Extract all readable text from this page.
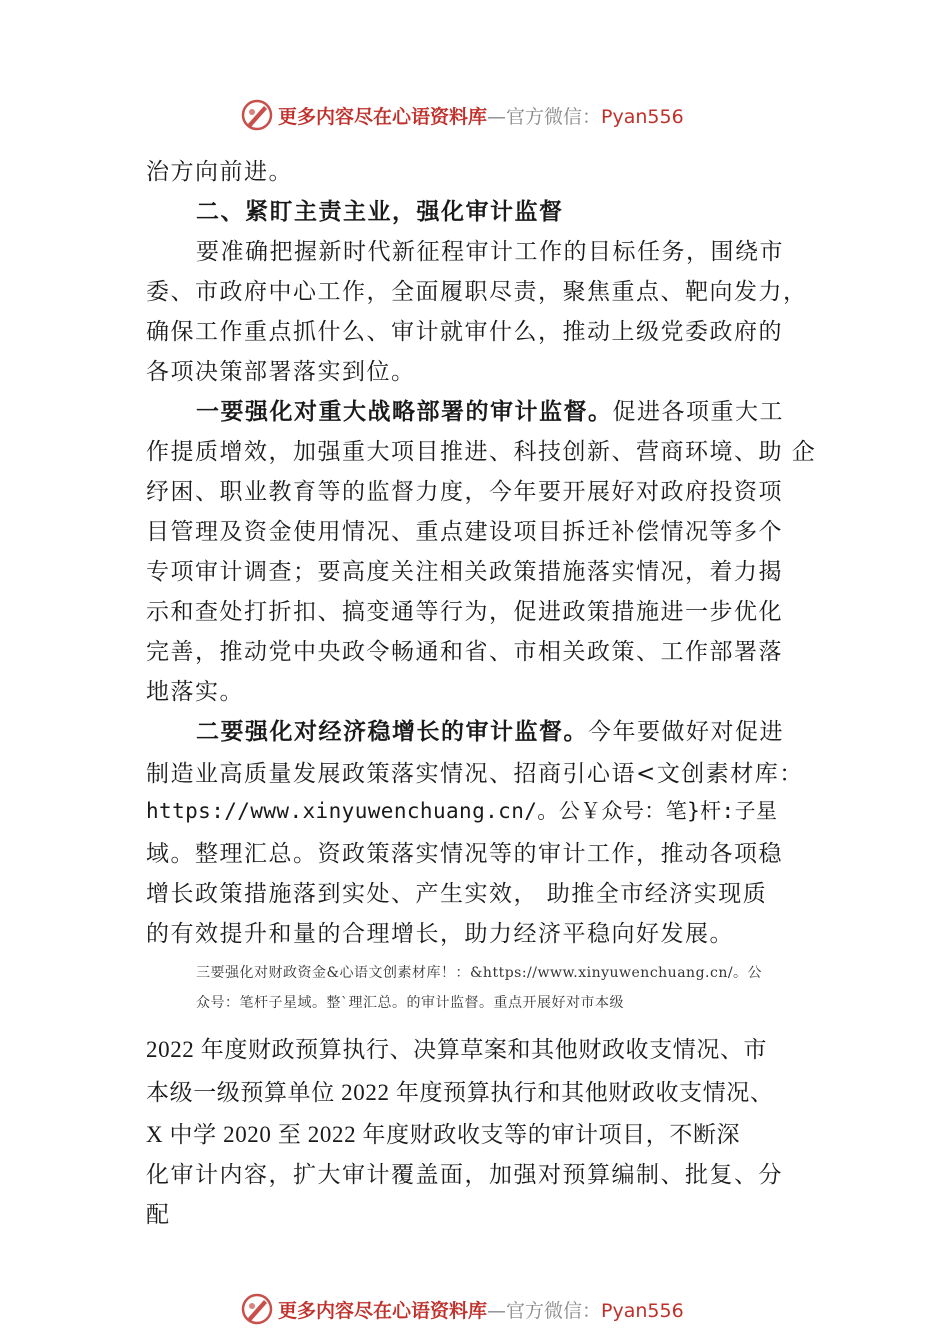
更多内容尽在心语资料库—官方微信：Pyan556
治方向前进。
二、紧盯主责主业，强化审计监督
要准确把握新时代新征程审计工作的目标任务，围绕市
委、市政府中心工作，全面履职尽责，聚焦重点、靶向发力，
确保工作重点抓什么、审计就审什么，推动上级党委政府的
各项决策部署落实到位。
一要强化对重大战略部署的审计监督。促进各项重大工
作提质增效，加强重大项目推进、科技创新、营商环境、助 企
纾困、职业教育等的监督力度，今年要开展好对政府投资项
目管理及资金使用情况、重点建设项目拆迁补偿情况等多个
专项审计调查；要高度关注相关政策措施落实情况，着力揭
示和查处打折扣、搞变通等行为，促进政策措施进一步优化
完善，推动党中央政令畅通和省、市相关政策、工作部署落
地落实。
二要强化对经济稳增长的审计监督。今年要做好对促进
制造业高质量发展政策落实情况、招商引心语<文创素材库：
https://www.xinyuwenchuang.cn/。公￥众号：笔}杆:子星
域。整理汇总。资政策落实情况等的审计工作，推动各项稳
增长政策措施落到实处、产生实效， 助推全市经济实现质
的有效提升和量的合理增长，助力经济平稳向好发展。
三要强化对财政资金&心语文创素材库！：&https://www.xinyuwenchuang.cn/。公
众号：笔杆子星域。整`理汇总。的审计监督。重点开展好对市本级
2022 年度财政预算执行、决算草案和其他财政收支情况、市
本级一级预算单位 2022 年度预算执行和其他财政收支情况、
X 中学 2020 至 2022 年度财政收支等的审计项目，不断深
化审计内容，扩大审计覆盖面，加强对预算编制、批复、分
配
更多内容尽在心语资料库—官方微信：Pyan556
